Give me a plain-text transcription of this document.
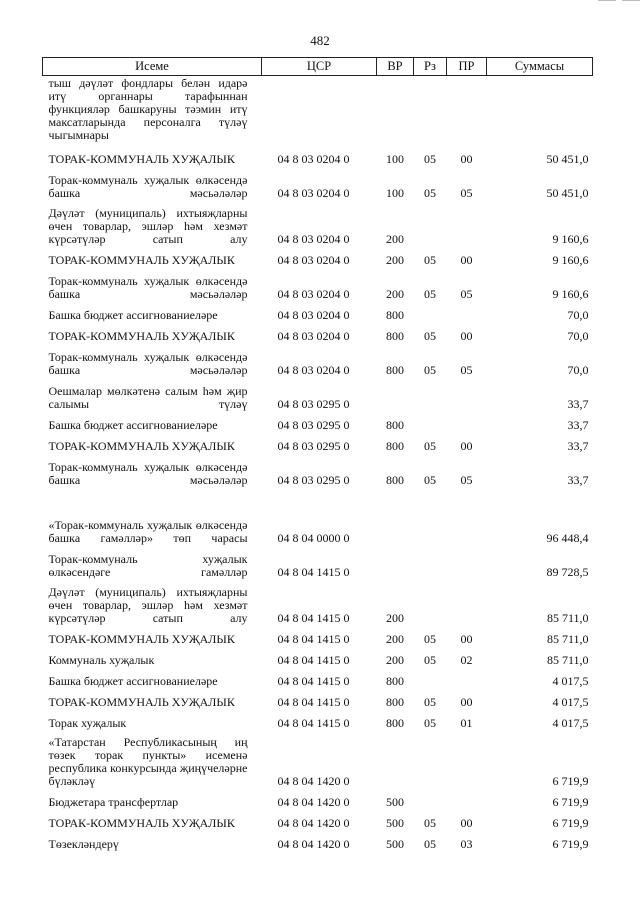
482
Исеме	ЦСР	ВР	Рз	ПР	Суммасы
тыш дәүләт фондлары белән идарә итү органнары тарафыннан функцияләр башкаруны тәэмин итү максатларында персоналга түләү чыгымнары					
ТОРАК-КОММУНАЛЬ ХУҖАЛЫК	04 8 03 0204 0	100	05	00	50 451,0
Торак-коммуналь хуҗалык өлкәсендә башка мәсьәләләр	04 8 03 0204 0	100	05	05	50 451,0
Дәүләт (муниципаль) ихтыяҗларны өчен товарлар, эшләр һәм хезмәт күрсәтүләр сатып алу	04 8 03 0204 0	200			9 160,6
ТОРАК-КОММУНАЛЬ ХУҖАЛЫК	04 8 03 0204 0	200	05	00	9 160,6
Торак-коммуналь хуҗалык өлкәсендә башка мәсьәләләр	04 8 03 0204 0	200	05	05	9 160,6
Башка бюджет ассигнованиеләре	04 8 03 0204 0	800			70,0
ТОРАК-КОММУНАЛЬ ХУҖАЛЫК	04 8 03 0204 0	800	05	00	70,0
Торак-коммуналь хуҗалык өлкәсендә башка мәсьәләләр	04 8 03 0204 0	800	05	05	70,0
Оешмалар мөлкәтенә салым һәм җир салымы түләү	04 8 03 0295 0				33,7
Башка бюджет ассигнованиеләре	04 8 03 0295 0	800			33,7
ТОРАК-КОММУНАЛЬ ХУҖАЛЫК	04 8 03 0295 0	800	05	00	33,7
Торак-коммуналь хуҗалык өлкәсендә башка мәсьәләләр	04 8 03 0295 0	800	05	05	33,7
«Торак-коммуналь хуҗалык өлкәсендә башка гамәлләр» төп чарасы	04 8 04 0000 0				96 448,4
Торак-коммуналь хуҗалык өлкәсендәге гамәлләр	04 8 04 1415 0				89 728,5
Дәүләт (муниципаль) ихтыяҗларны өчен товарлар, эшләр һәм хезмәт күрсәтүләр сатып алу	04 8 04 1415 0	200			85 711,0
ТОРАК-КОММУНАЛЬ ХУҖАЛЫК	04 8 04 1415 0	200	05	00	85 711,0
Коммуналь хуҗалык	04 8 04 1415 0	200	05	02	85 711,0
Башка бюджет ассигнованиеләре	04 8 04 1415 0	800			4 017,5
ТОРАК-КОММУНАЛЬ ХУҖАЛЫК	04 8 04 1415 0	800	05	00	4 017,5
Торак хуҗалык	04 8 04 1415 0	800	05	01	4 017,5
«Татарстан Республикасының иң төзек торак пункты» исеменә республика конкурсында җиңүчеләрне бүләкләү	04 8 04 1420 0				6 719,9
Бюджетара трансфертлар	04 8 04 1420 0	500			6 719,9
ТОРАК-КОММУНАЛЬ ХУҖАЛЫК	04 8 04 1420 0	500	05	00	6 719,9
Төзекләндерү	04 8 04 1420 0	500	05	03	6 719,9
